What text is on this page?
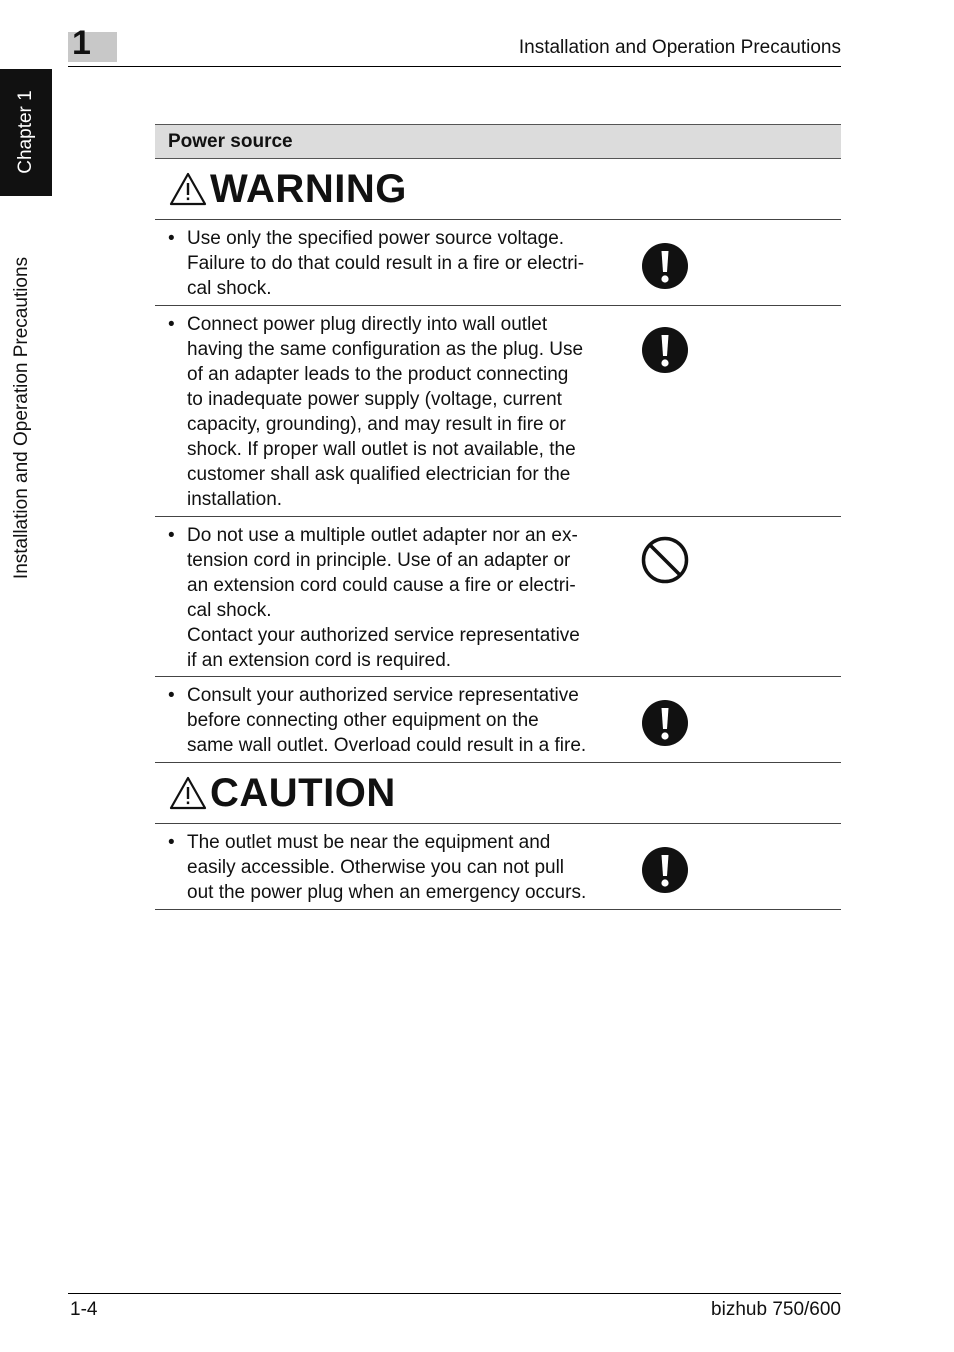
1	Installation and Operation Precautions
Chapter 1
Installation and Operation Precautions
Power source
WARNING
• Use only the specified power source voltage.
Failure to do that could result in a fire or electri-
cal shock.
• Connect power plug directly into wall outlet
having the same configuration as the plug. Use
of an adapter leads to the product connecting
to inadequate power supply (voltage, current
capacity, grounding), and may result in fire or
shock. If proper wall outlet is not available, the
customer shall ask qualified electrician for the
installation.
• Do not use a multiple outlet adapter nor an ex-
tension cord in principle. Use of an adapter or
an extension cord could cause a fire or electri-
cal shock.
Contact your authorized service representative
if an extension cord is required.
• Consult your authorized service representative
before connecting other equipment on the
same wall outlet. Overload could result in a fire.
CAUTION
• The outlet must be near the equipment and
easily accessible. Otherwise you can not pull
out the power plug when an emergency occurs.
1-4	bizhub 750/600
